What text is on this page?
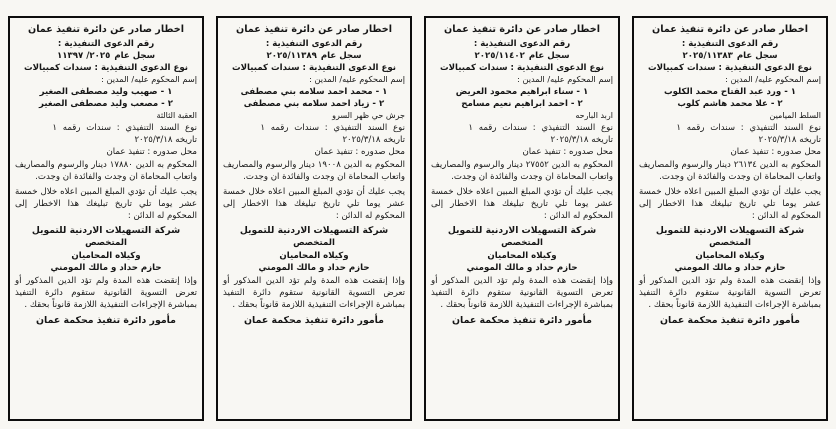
اخطار صادر عن دائرة تنفيذ عمان
رقم الدعوى التنفيذية :
٢٠٢٥/١١٣٨٣ سجل عام
نوع الدعوى التنفيذية : سندات كمبيالات
إسم المحكوم عليه/ المدين :
١ - ورد عبد الفتاح محمد الكلوب
٢ - علا محمد هاشم كلوب
السلط الميامين
نوع السند التنفيذي : سندات رقمه ١
تاريخه ٢٠٢٥/٣/١٨
محل صدوره : تنفيذ عمان

المحكوم به الدين ٢٦١٣٤ دينار والرسوم والمصاريف واتعاب المحاماة ان وجدت والفائدة ان وجدت.

يجب عليك أن تؤدي المبلغ المبين اعلاه خلال خمسة عشر يوما تلي تاريخ تبليغك هذا الاخطار إلى المحكوم له الدائن :

شركة التسهيلات الاردنية للتمويل
المتخصص
وكيلاه المحاميان
حازم حداد و مالك المومني

وإذا إنقضت هذه المدة ولم تؤد الدين المذكور أو تعرض التسوية القانونية ستقوم دائرة التنفيذ بمباشرة الإجراءات التنفيذية اللازمة قانوناً بحقك .

مأمور دائرة تنفيذ محكمة عمان
اخطار صادر عن دائرة تنفيذ عمان
رقم الدعوى التنفيذية :
٢٠٢٥/١١٤٠٢ سجل عام
نوع الدعوى التنفيذية : سندات كمبيالات
إسم المحكوم عليه/ المدين :
١ - سناء ابراهيم محمود العريض
٢ - احمد ابراهيم نعيم مسامح
اربد البارحه
نوع السند التنفيذي : سندات رقمه ١
تاريخه ٢٠٢٥/٣/١٨
محل صدوره : تنفيذ عمان

المحكوم به الدين ٢٧٥٥٢ دينار والرسوم والمصاريف واتعاب المحاماة ان وجدت والفائدة ان وجدت.

يجب عليك أن تؤدي المبلغ المبين اعلاه خلال خمسة عشر يوما تلي تاريخ تبليغك هذا الاخطار إلى المحكوم له الدائن :

شركة التسهيلات الاردنية للتمويل
المتخصص
وكيلاه المحاميان
حازم حداد و مالك المومني

وإذا إنقضت هذه المدة ولم تؤد الدين المذكور أو تعرض التسوية القانونية ستقوم دائرة التنفيذ بمباشرة الإجراءات التنفيذية اللازمة قانوناً بحقك .

مأمور دائرة تنفيذ محكمة عمان
اخطار صادر عن دائرة تنفيذ عمان
رقم الدعوى التنفيذية :
٢٠٢٥/١١٣٨٩ سجل عام
نوع الدعوى التنفيذية : سندات كمبيالات
إسم المحكوم عليه/ المدين :
١ - محمد احمد سلامه بني مصطفى
٢ - زياد احمد سلامه بني مصطفى
جرش حي ظهر السرو
نوع السند التنفيذي : سندات رقمه ١
تاريخه ٢٠٢٥/٣/١٨
محل صدوره : تنفيذ عمان

المحكوم به الدين ١٩٠٠٨ دينار والرسوم والمصاريف واتعاب المحاماة ان وجدت والفائدة ان وجدت.

يجب عليك أن تؤدي المبلغ المبين اعلاه خلال خمسة عشر يوما تلي تاريخ تبليغك هذا الاخطار إلى المحكوم له الدائن :

شركة التسهيلات الاردنية للتمويل
المتخصص
وكيلاه المحاميان
حازم حداد و مالك المومني

وإذا إنقضت هذه المدة ولم تؤد الدين المذكور أو تعرض التسوية القانونية ستقوم دائرة التنفيذ بمباشرة الإجراءات التنفيذية اللازمة قانوناً بحقك .

مأمور دائرة تنفيذ محكمة عمان
اخطار صادر عن دائرة تنفيذ عمان
رقم الدعوى التنفيذية :
٢٠٢٥/ ١١٣٩٧ سجل عام
نوع الدعوى التنفيذية : سندات كمبيالات
إسم المحكوم عليه/ المدين :
١ - صهيب وليد مصطفى الصغير
٢ - مصعب وليد مصطفى الصغير
العقبة الثالثة
نوع السند التنفيذي : سندات رقمه ١
تاريخه ٢٠٢٥/٣/١٨
محل صدوره : تنفيذ عمان

المحكوم به الدين ١٧٨٨٠ دينار والرسوم والمصاريف واتعاب المحاماة ان وجدت والفائدة ان وجدت.

يجب عليك أن تؤدي المبلغ المبين اعلاه خلال خمسة عشر يوما تلي تاريخ تبليغك هذا الاخطار إلى المحكوم له الدائن :

شركة التسهيلات الاردنية للتمويل
المتخصص
وكيلاه المحاميان
حازم حداد و مالك المومني

وإذا إنقضت هذه المدة ولم تؤد الدين المذكور أو تعرض التسوية القانونية ستقوم دائرة التنفيذ بمباشرة الإجراءات التنفيذية اللازمة قانوناً بحقك .

مأمور دائرة تنفيذ محكمة عمان
